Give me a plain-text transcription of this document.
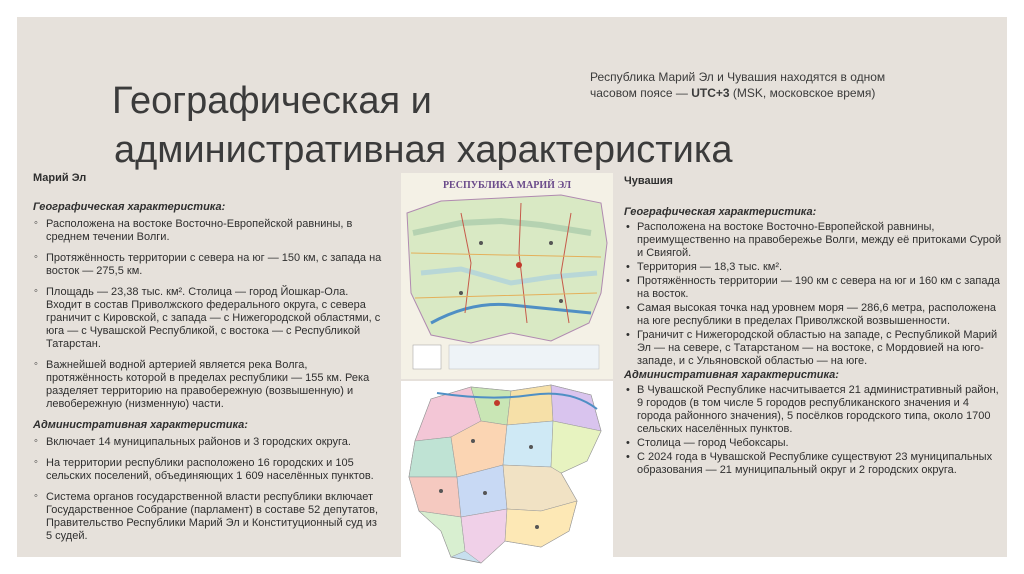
Географическая и
административная характеристика
Республика Марий Эл и Чувашия находятся в одном часовом поясе — UTC+3 (MSK, московское время)
Марий Эл
Географическая характеристика:
◦ Расположена на востоке Восточно-Европейской равнины, в среднем течении Волги.
◦ Протяжённость территории с севера на юг — 150 км, с запада на восток — 275,5 км.
◦ Площадь — 23,38 тыс. км². Столица — город Йошкар-Ола. Входит в состав Приволжского федерального округа, с севера граничит с Кировской, с запада — с Нижегородской областями, с юга — с Чувашской Республикой, с востока — с Республикой Татарстан.
◦ Важнейшей водной артерией является река Волга, протяжённость которой в пределах республики — 155 км. Река разделяет территорию на правобережную (возвышенную) и левобережную (низменную) части.
Административная характеристика:
◦ Включает 14 муниципальных районов и 3 городских округа.
◦ На территории республики расположено 16 городских и 105 сельских поселений, объединяющих 1 609 населённых пунктов.
◦ Система органов государственной власти республики включает Государственное Собрание (парламент) в составе 52 депутатов, Правительство Республики Марий Эл и Конституционный суд из 5 судей.
РЕСПУБЛИКА МАРИЙ ЭЛ	Чувашия
Географическая характеристика:
• Расположена на востоке Восточно-Европейской равнины, преимущественно на правобережье Волги, между её притоками Сурой и Свиягой.
• Территория — 18,3 тыс. км².
• Протяжённость территории — 190 км с севера на юг и 160 км с запада на восток.
• Самая высокая точка над уровнем моря — 286,6 метра, расположена на юге республики в пределах Приволжской возвышенности.
• Граничит с Нижегородской областью на западе, с Республикой Марий Эл — на севере, с Татарстаном — на востоке, с Мордовией на юго-западе, и с Ульяновской областью — на юге.
Административная характеристика:
• В Чувашской Республике насчитывается 21 административный район, 9 городов (в том числе 5 городов республиканского значения и 4 города районного значения), 5 посёлков городского типа, около 1700 сельских населённых пунктов.
• Столица — город Чебоксары.
• С 2024 года в Чувашской Республике существуют 23 муниципальных образования — 21 муниципальный округ и 2 городских округа.
